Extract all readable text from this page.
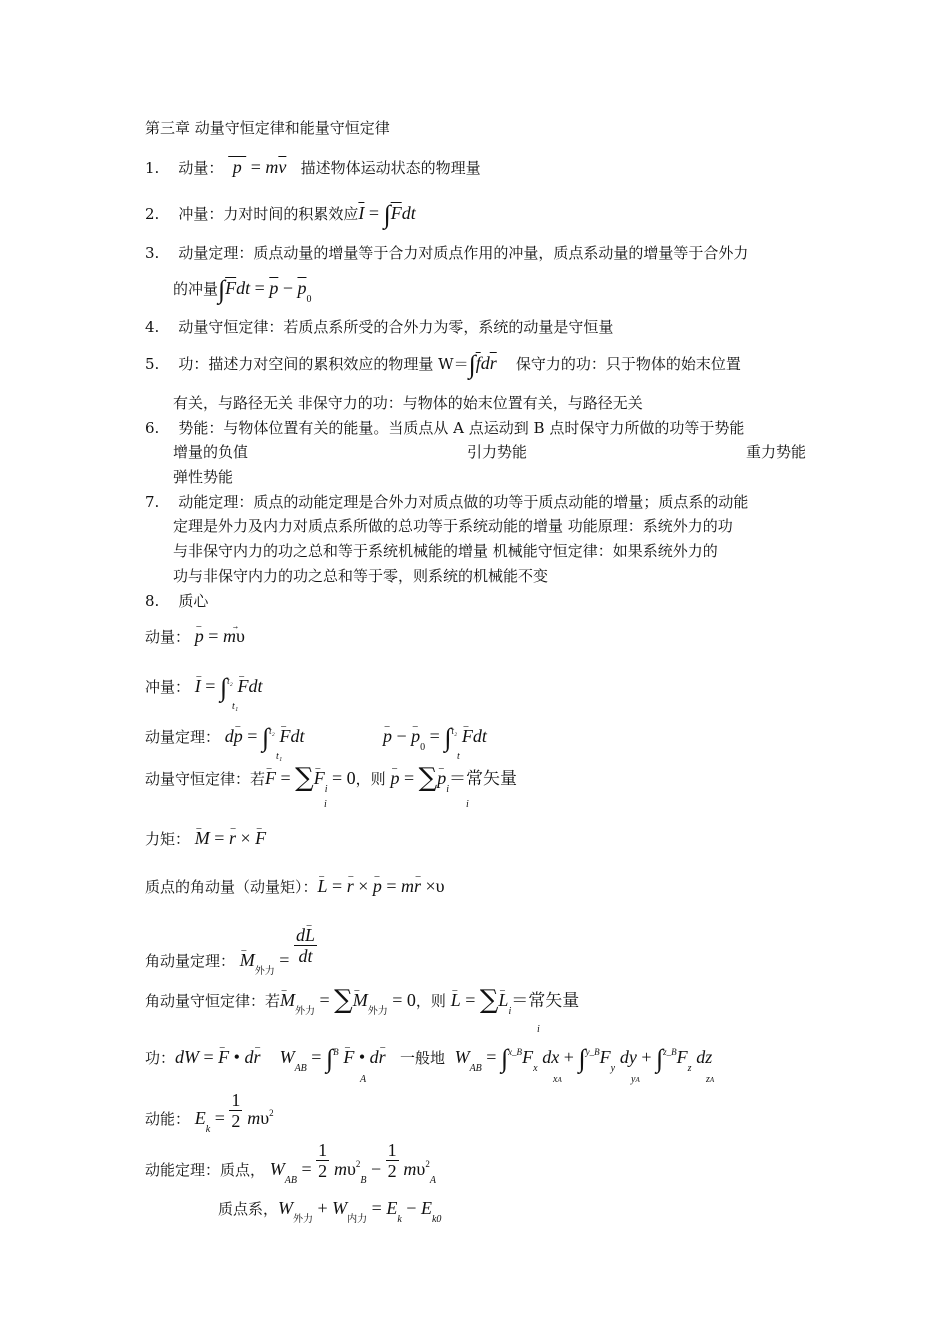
第三章 动量守恒定律和能量守恒定律
1. 动量：  $p = m\overline{v}$ 描述物体运动状态的物理量
2. 冲量：力对时间的积累效应$\overline{I} = \int\overline{F}dt$
3. 动量定理：质点动量的增量等于合力对质点作用的冲量，质点系动量的增量等于合外力
的冲量$\int\overline{F}dt = \overline{p} - \overline{p}_0$
4. 动量守恒定律：若质点系所受的合外力为零，系统的动量是守恒量
5. 功：描述力对空间的累积效应的物理量 $W=\int\overline{f}d\overline{r}$ 保守力的功：只于物体的始末位置
有关，与路径无关 非保守力的功：与物体的始末位置有关，与路径无关
6. 势能：与物体位置有关的能量。当质点从 A 点运动到 B 点时保守力所做的功等于势能
增量的负值	引力势能	重力势能
弹性势能
7. 动能定理：质点的动能定理是合外力对质点做的功等于质点动能的增量；质点系的动能
定理是外力及内力对质点系所做的总功等于系统动能的增量 功能原理：系统外力的功
与非保守内力的功之总和等于系统机械能的增量 机械能守恒定律：如果系统外力的
功与非保守内力的功之总和等于零，则系统的机械能不变
8. 质心
动量： − p = mυ
冲量： − I = ∫$^{t_2}$ − Fdt
t₁
动量定理： d− p = ∫$^{t_2}$ − Fdt
t₁
− p − − $p_0 = \int^{t_2}$ − Fdt
t
动量守恒定律：若− F = ∑− $F_i = 0$，则 − p = ∑− $p_i=$常矢量
i	i
力矩： − M = − r × − F
质点的角动量（动量矩）：− L = − r × − p = m− r ×υ
角动量定理： − $M_{外力} = \frac{d- L}{dt}$
角动量守恒定律：若− $M_{外力}$ = ∑− $M_{外力} = 0$，则 − L = ∑− $L_i=$常矢量
i
功：dW = − F • d− r $W_{AB} = \int^B - F$ • d− r 一般地 $W_{AB} = \int^{x\_B}F_x$ dx + $\int^{y\_B}F_y$ dy + $\int^{z\_B}F_z$ dz
A	xA	yA	zA
动能： $E_k = \frac{1}{2} m\upsilon^2$
动能定理：质点， $W_{AB} = \frac{1}{2} m\upsilon^2_B - \frac{1}{2} m\upsilon^2_A$
质点系，$W_{外力} + W_{内力} = E_k - E_{k0}$
